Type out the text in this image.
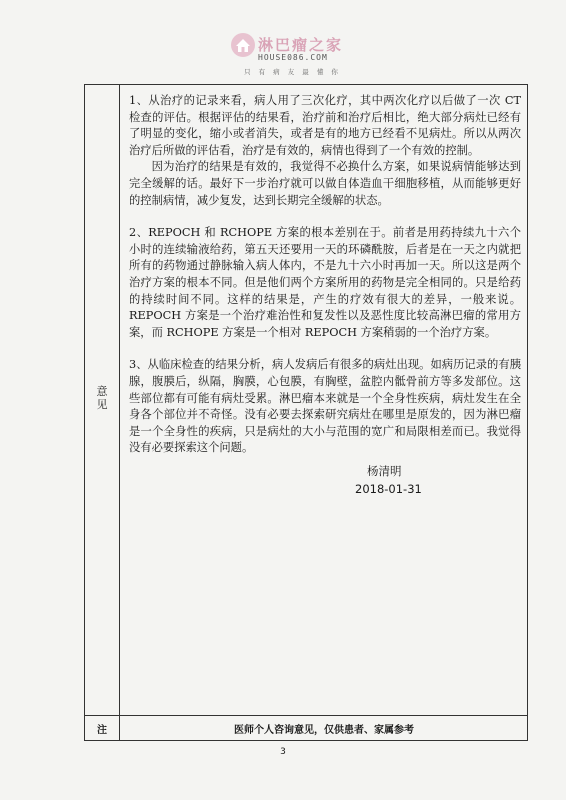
淋巴瘤之家
HOUSE086.COM
只 有 病 友 最 懂 你
意见

1、从治疗的记录来看，病人用了三次化疗，其中两次化疗以后做了一次 CT 检查的评估。根据评估的结果看，治疗前和治疗后相比，绝大部分病灶已经有了明显的变化，缩小或者消失，或者是有的地方已经看不见病灶。所以从两次治疗后所做的评估看，治疗是有效的，病情也得到了一个有效的控制。

因为治疗的结果是有效的，我觉得不必换什么方案，如果说病情能够达到完全缓解的话。最好下一步治疗就可以做自体造血干细胞移植，从而能够更好的控制病情，减少复发，达到长期完全缓解的状态。

2、REPOCH 和 RCHOPE 方案的根本差别在于。前者是用药持续九十六个小时的连续输液给药，第五天还要用一天的环磷酰胺，后者是在一天之内就把所有的药物通过静脉输入病人体内，不是九十六小时再加一天。所以这是两个治疗方案的根本不同。但是他们两个方案所用的药物是完全相同的。只是给药的持续时间不同。这样的结果是，产生的疗效有很大的差异，一般来说。REPOCH 方案是一个治疗难治性和复发性以及恶性度比较高淋巴瘤的常用方案，而 RCHOPE 方案是一个相对 REPOCH 方案稍弱的一个治疗方案。

3、从临床检查的结果分析，病人发病后有很多的病灶出现。如病历记录的有胰腺，腹膜后，纵隔，胸膜，心包膜，有胸壁，盆腔内骶骨前方等多发部位。这些部位都有可能有病灶受累。淋巴瘤本来就是一个全身性疾病，病灶发生在全身各个部位并不奇怪。没有必要去探索研究病灶在哪里是原发的，因为淋巴瘤是一个全身性的疾病，只是病灶的大小与范围的宽广和局限相差而已。我觉得没有必要探索这个问题。

杨清明
2018-01-31
注	医师个人咨询意见，仅供患者、家属参考
3
